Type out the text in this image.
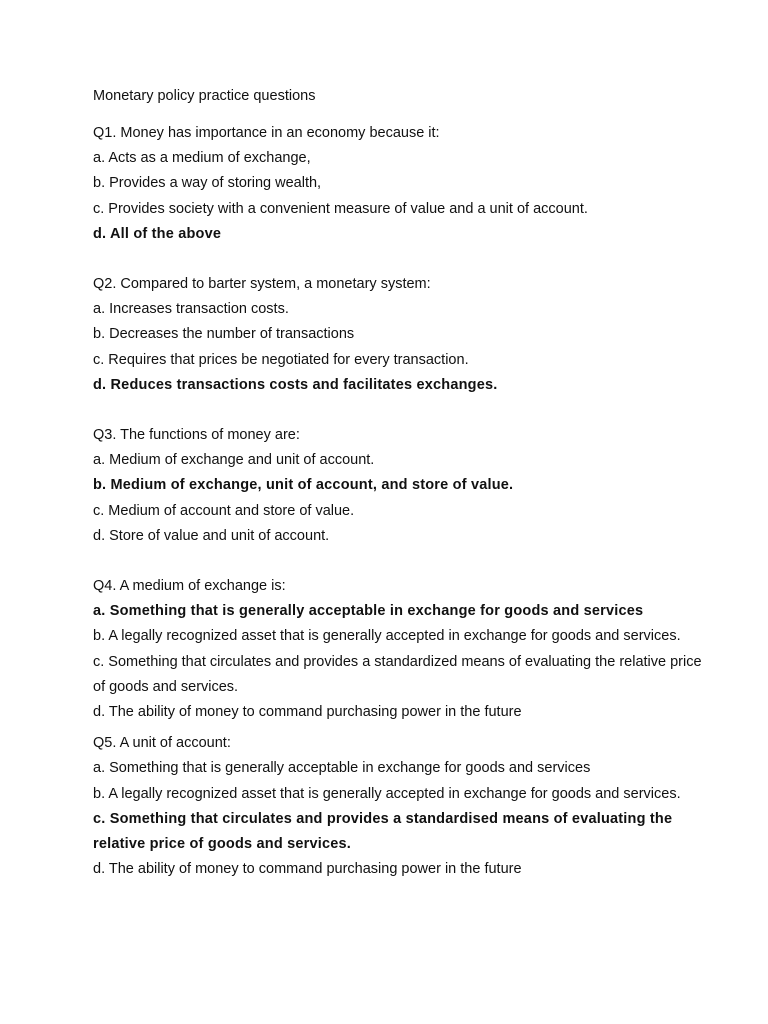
Monetary policy practice questions

Q1. Money has importance in an economy because it:

a. Acts as a medium of exchange,

b. Provides a way of storing wealth,

c. Provides society with a convenient measure of value and a unit of account.

d. All of the above

Q2. Compared to barter system, a monetary system:

a. Increases transaction costs.

b. Decreases the number of transactions

c. Requires that prices be negotiated for every transaction.

d. Reduces transactions costs and facilitates exchanges.

Q3. The functions of money are:

a. Medium of exchange and unit of account.

b. Medium of exchange, unit of account, and store of value.

c. Medium of account and store of value.

d. Store of value and unit of account.

Q4. A medium of exchange is:

a. Something that is generally acceptable in exchange for goods and services

b. A legally recognized asset that is generally accepted in exchange for goods and services.

c. Something that circulates and provides a standardized means of evaluating the relative price of goods and services.

d. The ability of money to command purchasing power in the future

Q5. A unit of account:

a. Something that is generally acceptable in exchange for goods and services

b. A legally recognized asset that is generally accepted in exchange for goods and services.

c. Something that circulates and provides a standardised means of evaluating the relative price of goods and services.

d. The ability of money to command purchasing power in the future
